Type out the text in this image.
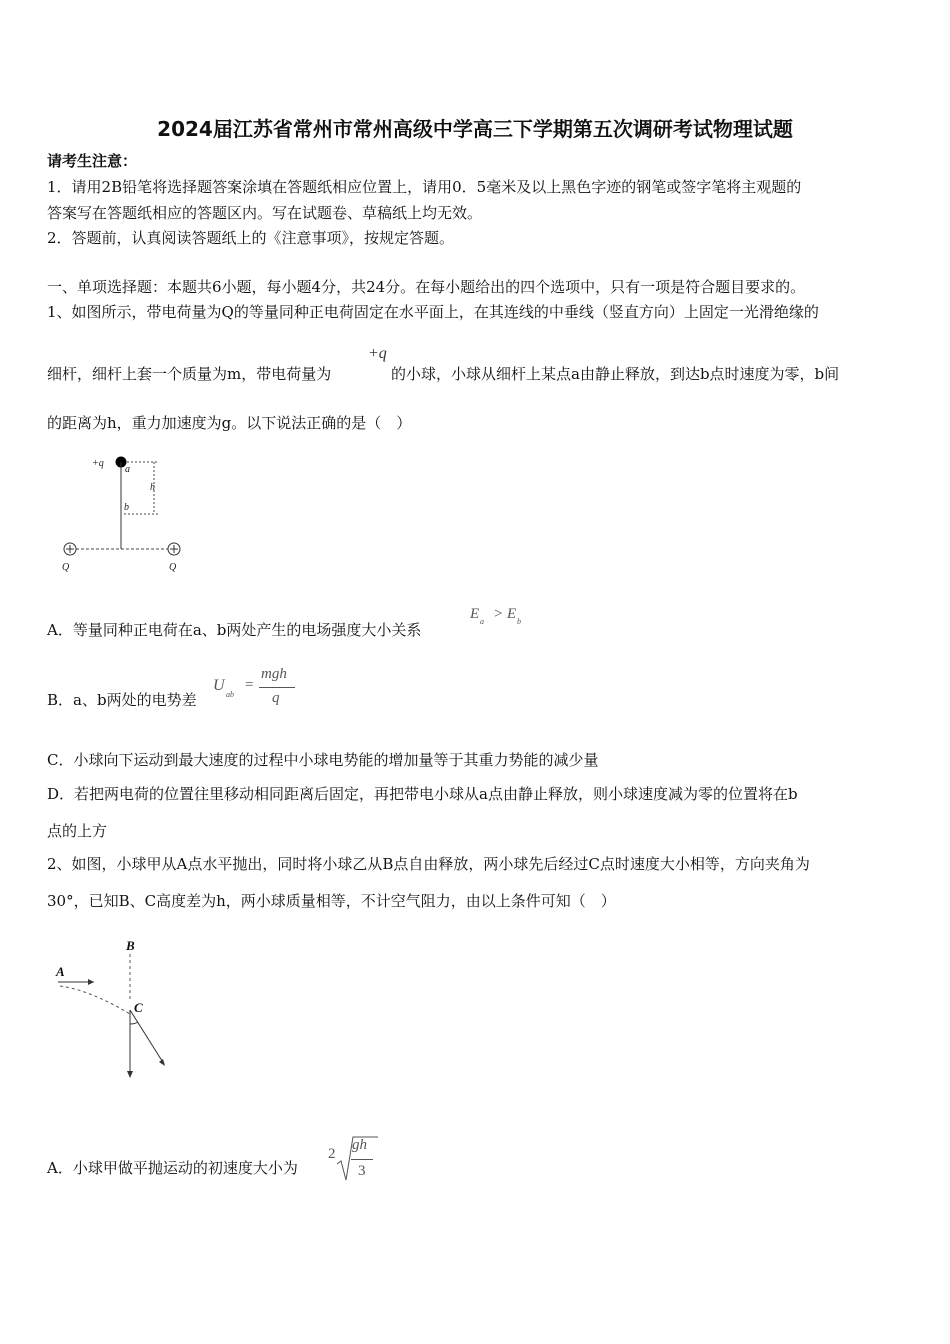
2024届江苏省常州市常州高级中学高三下学期第五次调研考试物理试题
请考生注意：
1．请用2B铅笔将选择题答案涂填在答题纸相应位置上，请用0．5毫米及以上黑色字迹的钢笔或签字笔将主观题的
答案写在答题纸相应的答题区内。写在试题卷、草稿纸上均无效。
2．答题前，认真阅读答题纸上的《注意事项》，按规定答题。
一、单项选择题：本题共6小题，每小题4分，共24分。在每小题给出的四个选项中，只有一项是符合题目要求的。
1、如图所示，带电荷量为Q的等量同种正电荷固定在水平面上，在其连线的中垂线（竖直方向）上固定一光滑绝缘的
细杆，细杆上套一个质量为m，带电荷量为
+q
的小球，小球从细杆上某点a由静止释放，到达b点时速度为零，b间
的距离为h，重力加速度为g。以下说法正确的是（　）
+q
a
b
h
Q	Q
A．等量同种正电荷在a、b两处产生的电场强度大小关系
E a > E b
B．a、b两处的电势差
U
ab
=
mgh
q
C．小球向下运动到最大速度的过程中小球电势能的增加量等于其重力势能的减少量
D．若把两电荷的位置往里移动相同距离后固定，再把带电小球从a点由静止释放，则小球速度减为零的位置将在b
点的上方
2、如图，小球甲从A点水平抛出，同时将小球乙从B点自由释放，两小球先后经过C点时速度大小相等，方向夹角为
30°，已知B、C高度差为h，两小球质量相等，不计空气阻力，由以上条件可知（　）
B
A
C
A．小球甲做平抛运动的初速度大小为
2
gh
3
